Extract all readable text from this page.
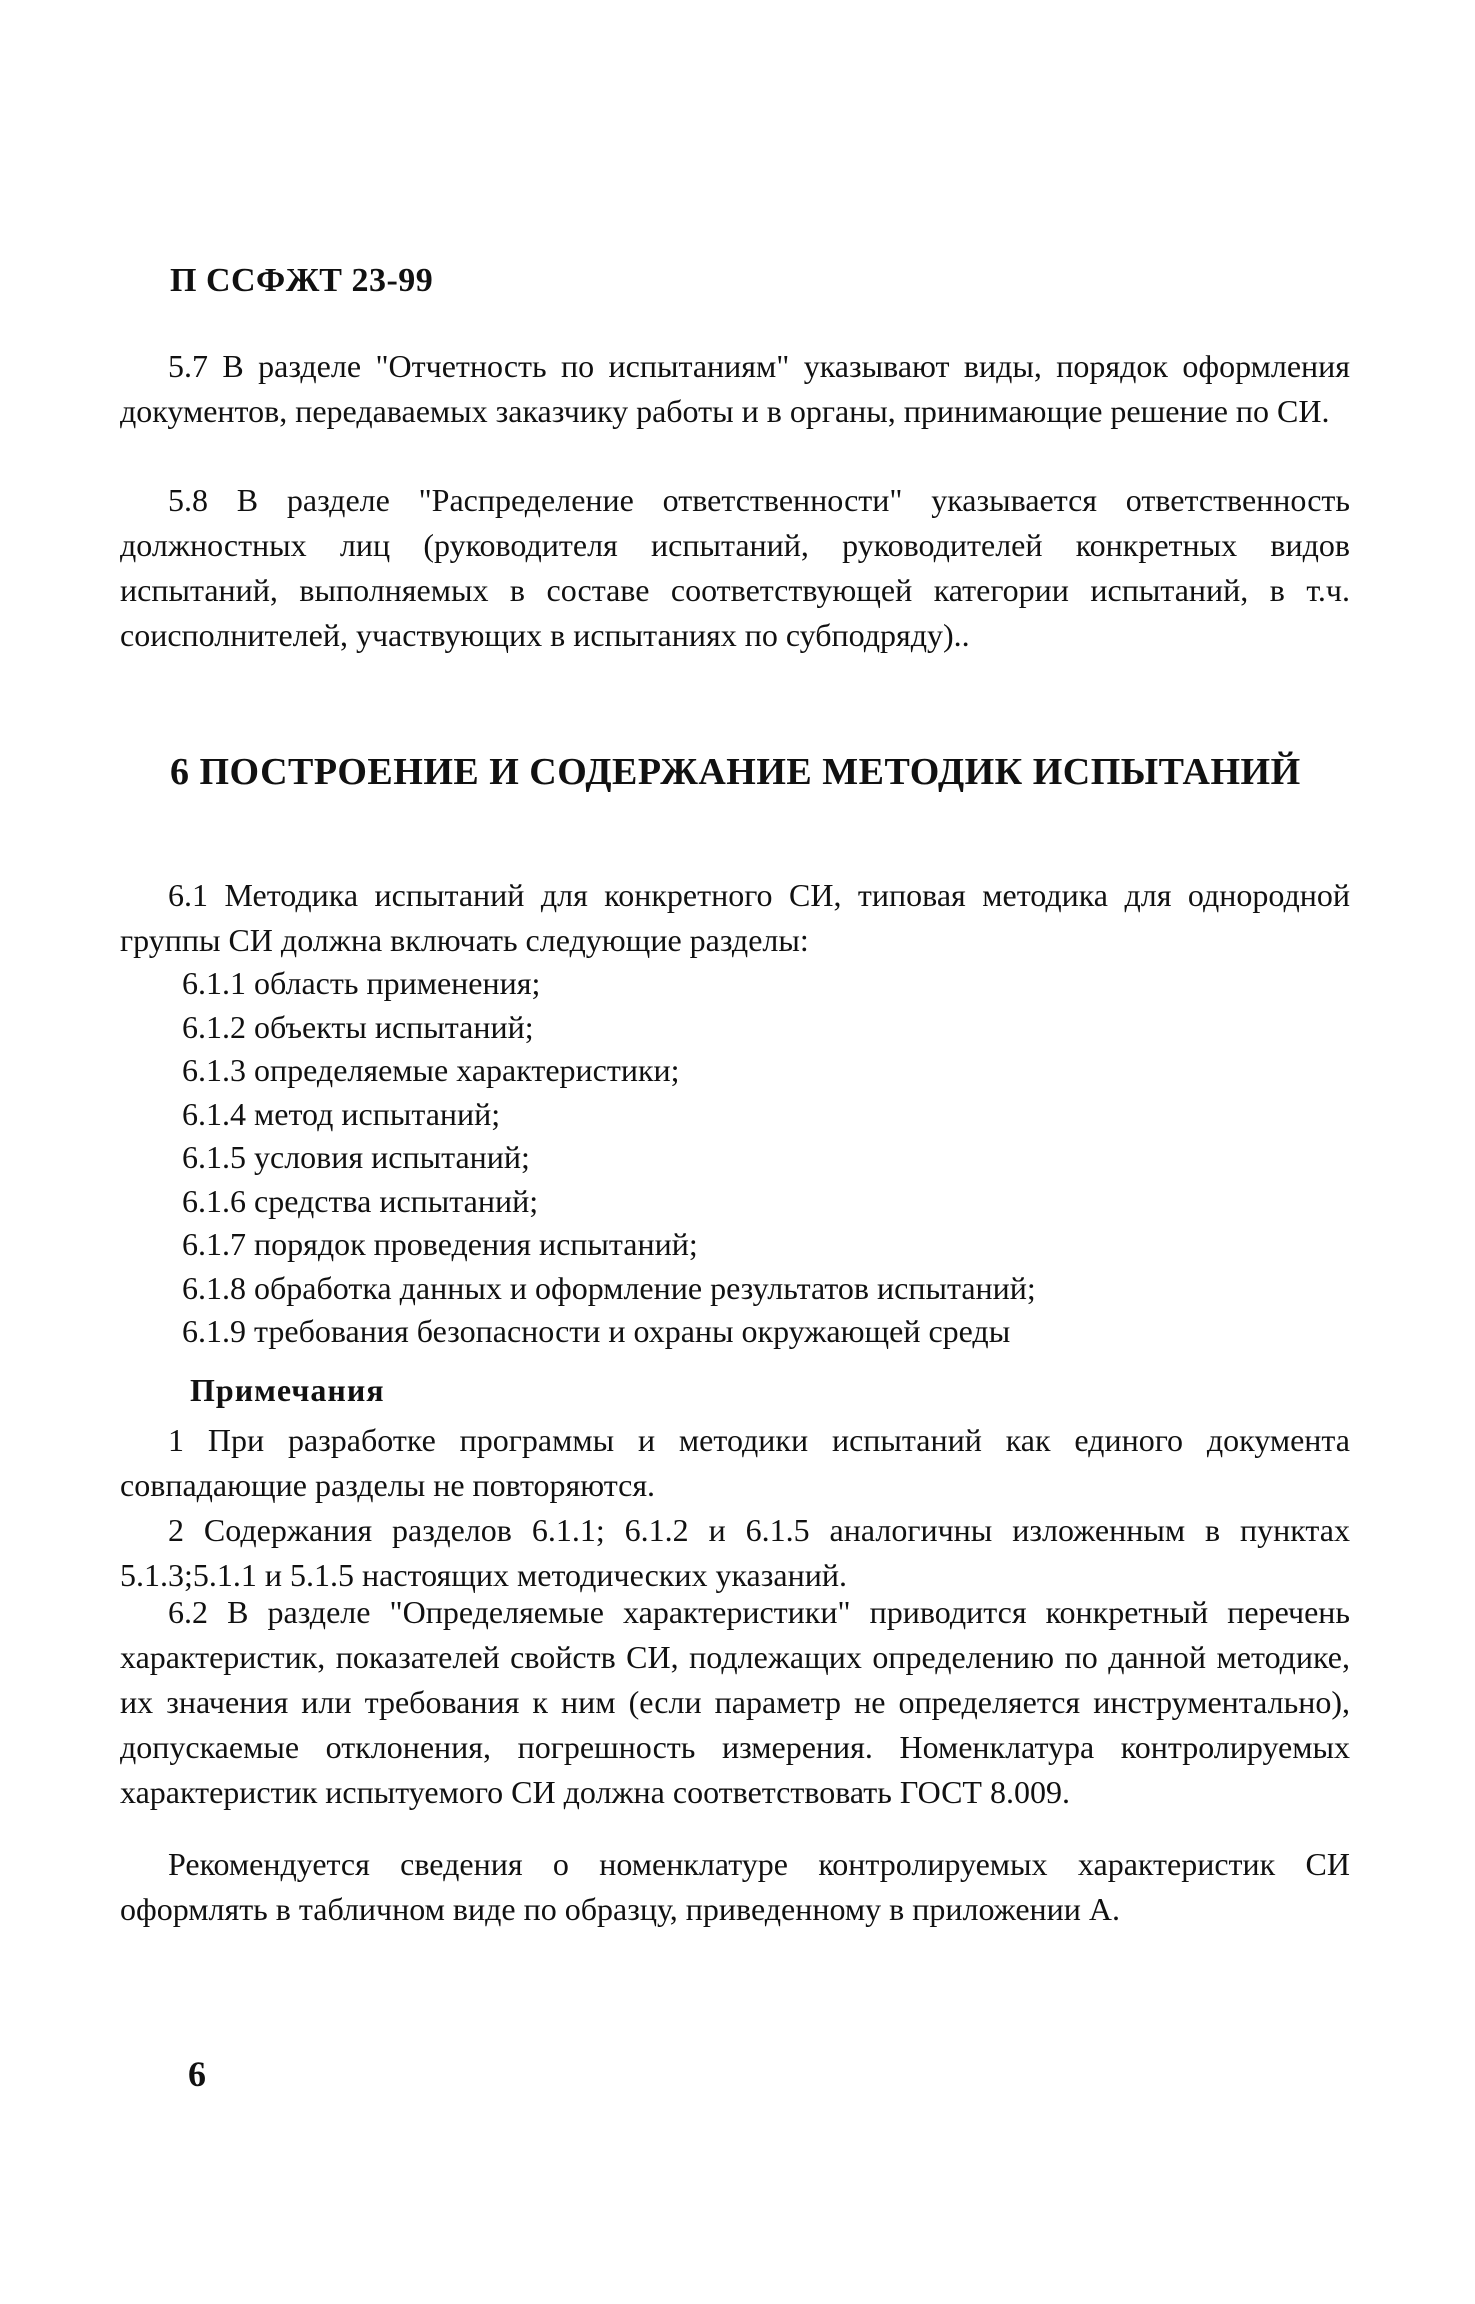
П ССФЖТ 23-99

5.7 В разделе "Отчетность по испытаниям" указывают виды, порядок оформления документов, передаваемых заказчику работы и в органы, принимающие решение по СИ.

5.8 В разделе "Распределение ответственности" указывается ответственность должностных лиц (руководителя испытаний, руководителей конкретных видов испытаний, выполняемых в составе соответствующей категории испытаний, в т.ч. соисполнителей, участвующих в испытаниях по субподряду)..

6 ПОСТРОЕНИЕ И СОДЕРЖАНИЕ МЕТОДИК ИСПЫТАНИЙ

6.1 Методика испытаний для конкретного СИ, типовая методика для однородной группы СИ должна включать следующие разделы:

6.1.1 область применения;
6.1.2 объекты испытаний;
6.1.3 определяемые характеристики;
6.1.4 метод испытаний;
6.1.5 условия испытаний;
6.1.6 средства испытаний;
6.1.7 порядок проведения испытаний;
6.1.8 обработка данных и оформление результатов испытаний;
6.1.9 требования безопасности и охраны окружающей среды
Примечания

1 При разработке программы и методики испытаний как единого документа совпадающие разделы не повторяются.

2 Содержания разделов 6.1.1; 6.1.2 и 6.1.5 аналогичны изложенным в пунктах 5.1.3;5.1.1 и 5.1.5 настоящих методических указаний.

6.2 В разделе "Определяемые характеристики" приводится конкретный перечень характеристик, показателей свойств СИ, подлежащих определению по данной методике, их значения или требования к ним (если параметр не определяется инструментально), допускаемые отклонения, погрешность измерения. Номенклатура контролируемых характеристик испытуемого СИ должна соответствовать ГОСТ 8.009.

Рекомендуется сведения о номенклатуре контролируемых характеристик СИ оформлять в табличном виде по образцу, приведенному в приложении А.

6
